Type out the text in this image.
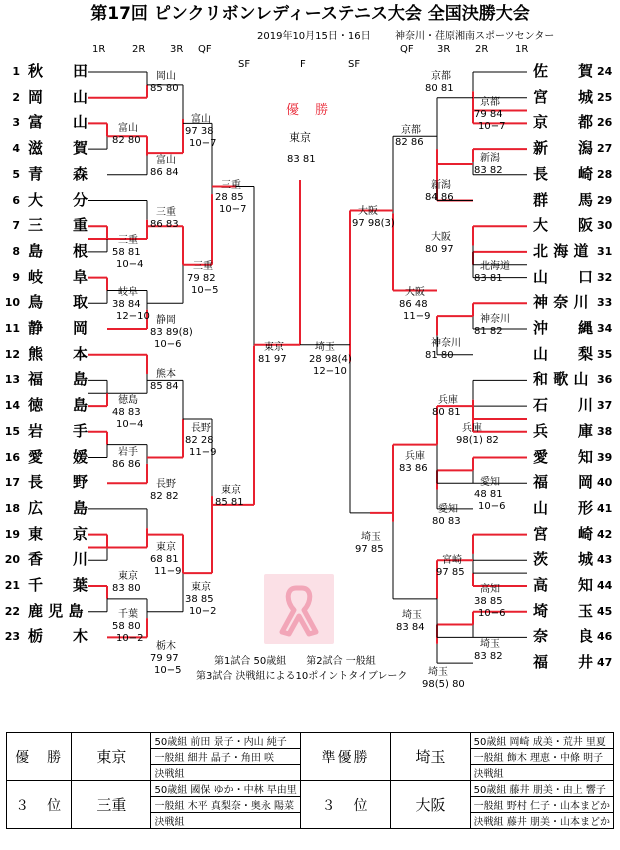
第17回 ピンクリボンレディーステニス大会 全国決勝大会
2019年10月15日・16日 神奈川・荏原湘南スポーツセンター
1R	2R 3R QF
SF	F	SF
QF 3R 2R	1R
1 秋　　田
2 岡　　山
3 富　　山
4 滋　　賀
5 青　　森
6 大　　分
7 三　　重
8 島　　根
9 岐　　阜
10 鳥　　取
11 静　　岡
12 熊　　本
13 福　　島
14 徳　　島
15 岩　　手
16 愛　　媛
17 長　　野
18 広　　島
19 東　　京
20 香　　川
21 千　　葉
22 鹿 児 島
23 栃　　木
佐　　賀 24
宮　　城 25
京　　都 26
新　　潟 27
長　　崎 28
群　　馬 29
大　　阪 30
北 海 道 31
山　　口 32
神 奈 川 33
沖　　縄 34
山　　梨 35
和 歌 山 36
石　　川 37
兵　　庫 38
愛　　知 39
福　　岡 40
山　　形 41
宮　　崎 42
茨　　城 43
高　　知 44
埼　　玉 45
奈　　良 46
福　　井 47
岡山
85 80
富山
82 80
富山
86 84
富山
97 38
10−7
三重
86 83
三重
58 81
10−4	三重
79 82
10−5
三重
28 85
10−7
岐阜
38 84
12−10 静岡
83 89(8)
10−6
熊本
85 84
徳島
48 83
10−4	長野
82 28
11−9
岩手
86 86
長野
82 82
東京
68 81
11−9
東京
83 80
千葉
58 80
10−2
栃木
79 97
10−5
東京
38 85
10−2
東京
85 81
東京
81 97
京都
80 81
京都
79 84
10−7
京都
82 86
新潟
83 82
新潟
84 86
大阪
97 98(3)
大阪
80 97
北海道
83 81
大阪
86 48
11−9	神奈川
81 82
神奈川
81 80
埼玉
28 98(4)
12−10
兵庫
80 81
兵庫
98(1) 82
兵庫
83 86
愛知
48 81
10−6
愛知
80 83
埼玉
97 85
宮崎
97 85
高知
38 85
10−6
埼玉
83 84
埼玉
83 82
埼玉
98(5) 80
優 勝
東京
83 81
第1試合 50歳組　　第2試合 一般組
第3試合 決戦組による10ポイントタイブレーク
優　勝	東京	50歳組 前田 景子・内山 純子	準優勝	埼玉	50歳組 岡崎 成美・荒井 里夏
		一般組 細井 晶子・角田 咲			一般組 飾木 理恵・中條 明子
		決戦組			決戦組
３　位	三重	50歳組 國保 ゆか・中林 早由里	３　位	大阪	50歳組 藤井 朋美・由上 響子
		一般組 木平 真梨奈・奥永 陽菜			一般組 野村 仁子・山本まどか
		決戦組			決戦組 藤井 朋美・山本まどか
